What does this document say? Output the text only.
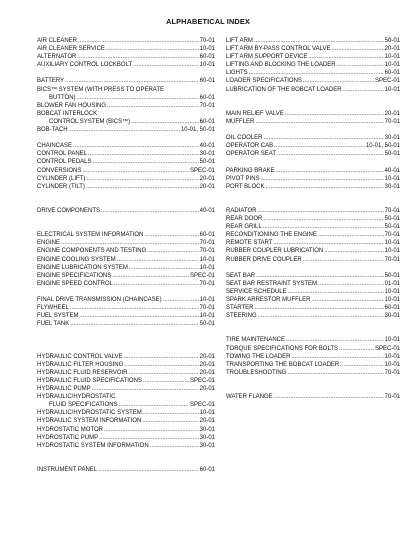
ALPHABETICAL INDEX
AIR CLEANER .....	70-01
AIR CLEANER SERVICE .....	10-01
ALTERNATOR .....	60-01
AUXILIARY CONTROL LOCKBOLT .....	10-01
BATTERY .....	60-01
BICS™ SYSTEM (WITH PRESS TO OPERATE
BUTTON) .....	60-01
BLOWER FAN HOUSING .....	70-01
BOBCAT INTERLOCK
CONTROL SYSTEM (BICS™) .....	60-01
BOB-TACH .....	10-01, 50-01
CHAINCASE .....	40-01
CONTROL PANEL .....	30-01
CONTROL PEDALS .....	50-01
CONVERSIONS .....	SPEC-01
CYLINDER (LIFT) .....	20-01
CYLINDER (TILT) .....	20-01
DRIVE COMPONENTS .....	40-01
ELECTRICAL SYSTEM INFORMATION .....	60-01
ENGINE .....	70-01
ENGINE COMPONENTS AND TESTING .....	70-01
ENGINE COOLING SYSTEM .....	10-01
ENGINE LUBRICATION SYSTEM .....	10-01
ENGINE SPECIFICATIONS .....	SPEC-01
ENGINE SPEED CONTROL .....	70-01
FINAL DRIVE TRANSMISSION (CHAINCASE) .....	10-01
FLYWHEEL .....	70-01
FUEL SYSTEM .....	10-01
FUEL TANK .....	50-01
HYDRAULIC CONTROL VALVE .....	20-01
HYDRAULIC FILTER HOUSING .....	20-01
HYDRAULIC FLUID RESERVOIR .....	20-01
HYDRAULIC FLUID SPECIFICATIONS .....	SPEC-01
HYDRAULIC PUMP .....	20-01
HYDRAULIC/HYDROSTATIC
FLUID SPECIFICATIONS .....	SPEC-01
HYDRAULIC/HYDROSTATIC SYSTEM .....	10-01
HYDRAULIC SYSTEM INFORMATION .....	20-01
HYDROSTATIC MOTOR .....	30-01
HYDROSTATIC PUMP .....	30-01
HYDROSTATIC SYSTEM INFORMATION .....	30-01
INSTRUMENT PANEL .....	60-01
LIFT ARM .....	50-01
LIFT ARM BY-PASS CONTROL VALVE .....	20-01
LIFT ARM SUPPORT DEVICE .....	10-01
LIFTING AND BLOCKING THE LOADER .....	10-01
LIGHTS .....	60-01
LOADER SPECIFICATIONS .....	SPEC-01
LUBRICATION OF THE BOBCAT LOADER .....	10-01
MAIN RELIEF VALVE .....	20-01
MUFFLER .....	70-01
OIL COOLER .....	30-01
OPERATOR CAB .....	10-01, 50-01
OPERATOR SEAT .....	50-01
PARKING BRAKE .....	40-01
PIVOT PINS .....	10-01
PORT BLOCK .....	30-01
RADIATOR .....	70-01
REAR DOOR .....	50-01
REAR GRILL .....	50-01
RECONDITIONING THE ENGINE .....	70-01
REMOTE START .....	10-01
RUBBER COUPLER LUBRICATION .....	10-01
RUBBER DRIVE COUPLER .....	70-01
SEAT BAR .....	50-01
SEAT BAR RESTRAINT SYSTEM .....	01-01
SERVICE SCHEDULE .....	10-01
SPARK ARRESTOR MUFFLER .....	10-01
STARTER .....	60-01
STEERING .....	30-01
TIRE MAINTENANCE .....	10-01
TORQUE SPECIFICATIONS FOR BOLTS .....	SPEC-01
TOWING THE LOADER .....	10-01
TRANSPORTING THE BOBCAT LOADER .....	10-01
TROUBLESHOOTING .....	70-01
WATER FLANGE .....	70-01
